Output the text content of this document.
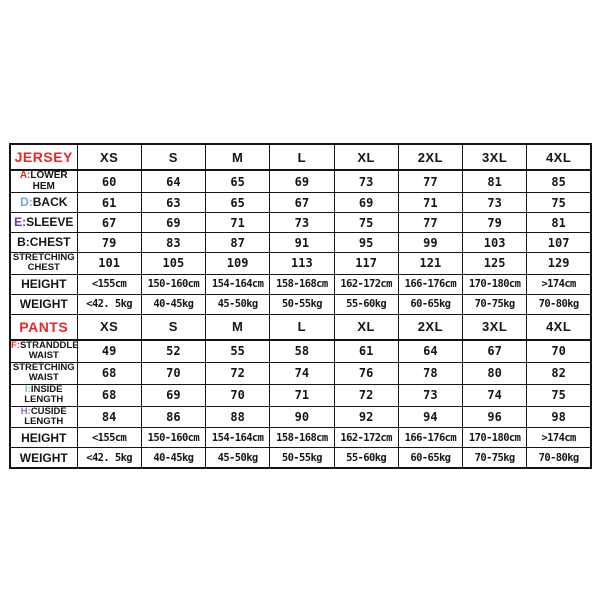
JERSEY	XS	S	M	L	XL	2XL	3XL	4XL

A:LOWER HEM	60	64	65	69	73	77	81	85

D:BACK	61	63	65	67	69	71	73	75

E:SLEEVE	67	69	71	73	75	77	79	81

B:CHEST	79	83	87	91	95	99	103	107

STRETCHING
CHEST	101	105	109	113	117	121	125	129

HEIGHT	<155cm	150-160cm	154-164cm	158-168cm	162-172cm	166-176cm	170-180cm	>174cm

WEIGHT	<42. 5kg	40-45kg	45-50kg	50-55kg	55-60kg	60-65kg	70-75kg	70-80kg
PANTS	XS	S	M	L	XL	2XL	3XL	4XL

F:STRANDDLE
WAIST	49	52	55	58	61	64	67	70

STRETCHING
WAIST	68	70	72	74	76	78	80	82

I:INSIDE
LENGTH	68	69	70	71	72	73	74	75

H:CUSIDE
LENGTH	84	86	88	90	92	94	96	98

HEIGHT	<155cm	150-160cm	154-164cm	158-168cm	162-172cm	166-176cm	170-180cm	>174cm

WEIGHT	<42. 5kg	40-45kg	45-50kg	50-55kg	55-60kg	60-65kg	70-75kg	70-80kg
